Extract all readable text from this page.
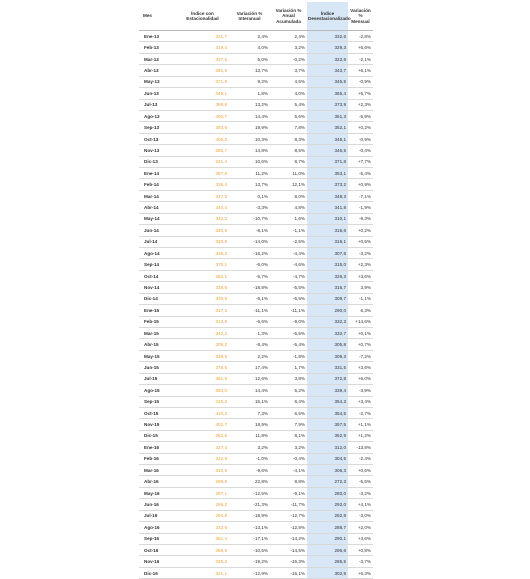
Mes	Índice con Estacionalidad	Variación % Interanual	Variación % Anual Acumulada	Índice Desestacionalizado	Variación % Mensual
Ene-13	321,7	2,4%	2,4%	332,6	-2,8%
Feb-13	319,4	4,0%	3,2%	329,3	+6,6%
Mar-13	337,5	5,0%	-0,2%	322,9	-2,1%
Abr-13	351,9	13,7%	3,7%	343,7	+6,1%
May-13	371,9	9,2%	4,5%	345,5	-0,9%
Jun-13	349,1	1,8%	4,0%	365,4	+5,7%
Jul-13	369,9	13,2%	5,4%	373,9	+2,3%
Ago-13	400,7	14,4%	6,6%	351,3	-5,9%
Sep-13	393,9	19,9%	7,8%	352,1	+0,2%
Oct-13	405,3	10,3%	8,3%	348,1	-0,9%
Nov-13	380,7	14,8%	8,5%	346,5	-0,4%
Dic-13	341,4	10,6%	8,7%	371,8	+7,7%
Ene-14	357,6	11,2%	11,0%	353,1	-5,4%
Feb-14	336,4	13,7%	12,1%	373,2	+0,9%
Mar-14	337,3	0,1%	8,0%	348,3	-7,1%
Abr-14	340,4	-3,3%	4,8%	341,8	-1,9%
May-14	332,2	-10,7%	1,6%	310,1	-9,3%
Jun-14	320,9	-8,1%	-1,1%	316,6	+0,2%
Jul-14	320,8	-14,0%	-2,5%	318,1	+0,5%
Ago-14	336,3	-16,2%	-4,4%	307,8	-3,2%
Sep-14	370,1	-6,0%	-4,6%	315,0	+2,3%
Oct-14	382,1	-5,7%	-4,7%	326,3	+3,6%
Nov-14	338,8	-18,8%	-5,5%	316,7	3,9%
Dic-14	320,5	-6,1%	-5,5%	309,7	-1,1%
Ene-15	317,3	-11,1%	-11,1%	290,0	6,3%
Feb-15	313,8	-6,6%	-9,0%	332,3	+14,6%
Mar-15	342,2	1,3%	-5,5%	332,7	+0,1%
Abr-15	309,2	-8,4%	-5,4%	305,8	+0,7%
May-15	339,5	2,2%	-1,8%	309,3	-7,2%
Jun-15	376,5	17,4%	1,7%	331,5	+3,6%
Jul-15	361,5	12,6%	3,8%	372,8	+6,0%
Ago-15	383,0	14,4%	5,2%	339,4	-3,9%
Sep-15	425,3	15,1%	6,4%	354,3	+3,4%
Oct-15	410,3	7,3%	6,5%	354,5	-2,7%
Nov-15	402,7	18,9%	7,9%	357,5	+1,1%
Dic-15	362,6	11,8%	8,1%	362,9	+1,2%
Ene-16	327,3	3,2%	3,2%	312,0	-13,8%
Feb-16	322,9	-1,0%	-0,4%	304,5	-2,4%
Mar-16	310,5	-9,6%	-4,1%	306,3	+0,6%
Abr-16	289,8	22,8%	8,8%	272,3	-5,5%
May-16	297,1	-12,5%	-9,1%	280,0	-3,2%
Jun-16	296,2	-21,3%	-11,7%	292,0	+4,1%
Jul-16	294,9	-18,9%	-12,7%	282,8	-3,0%
Ago-16	332,9	-13,1%	-12,8%	288,7	+2,0%
Sep-16	351,4	-17,1%	-14,2%	290,1	+3,6%
Oct-16	358,5	-10,5%	-14,5%	296,6	+0,8%
Nov-16	325,3	-19,2%	-15,3%	285,5	-3,7%
Dic-16	321,1	-12,9%	-15,1%	302,9	+6,3%
